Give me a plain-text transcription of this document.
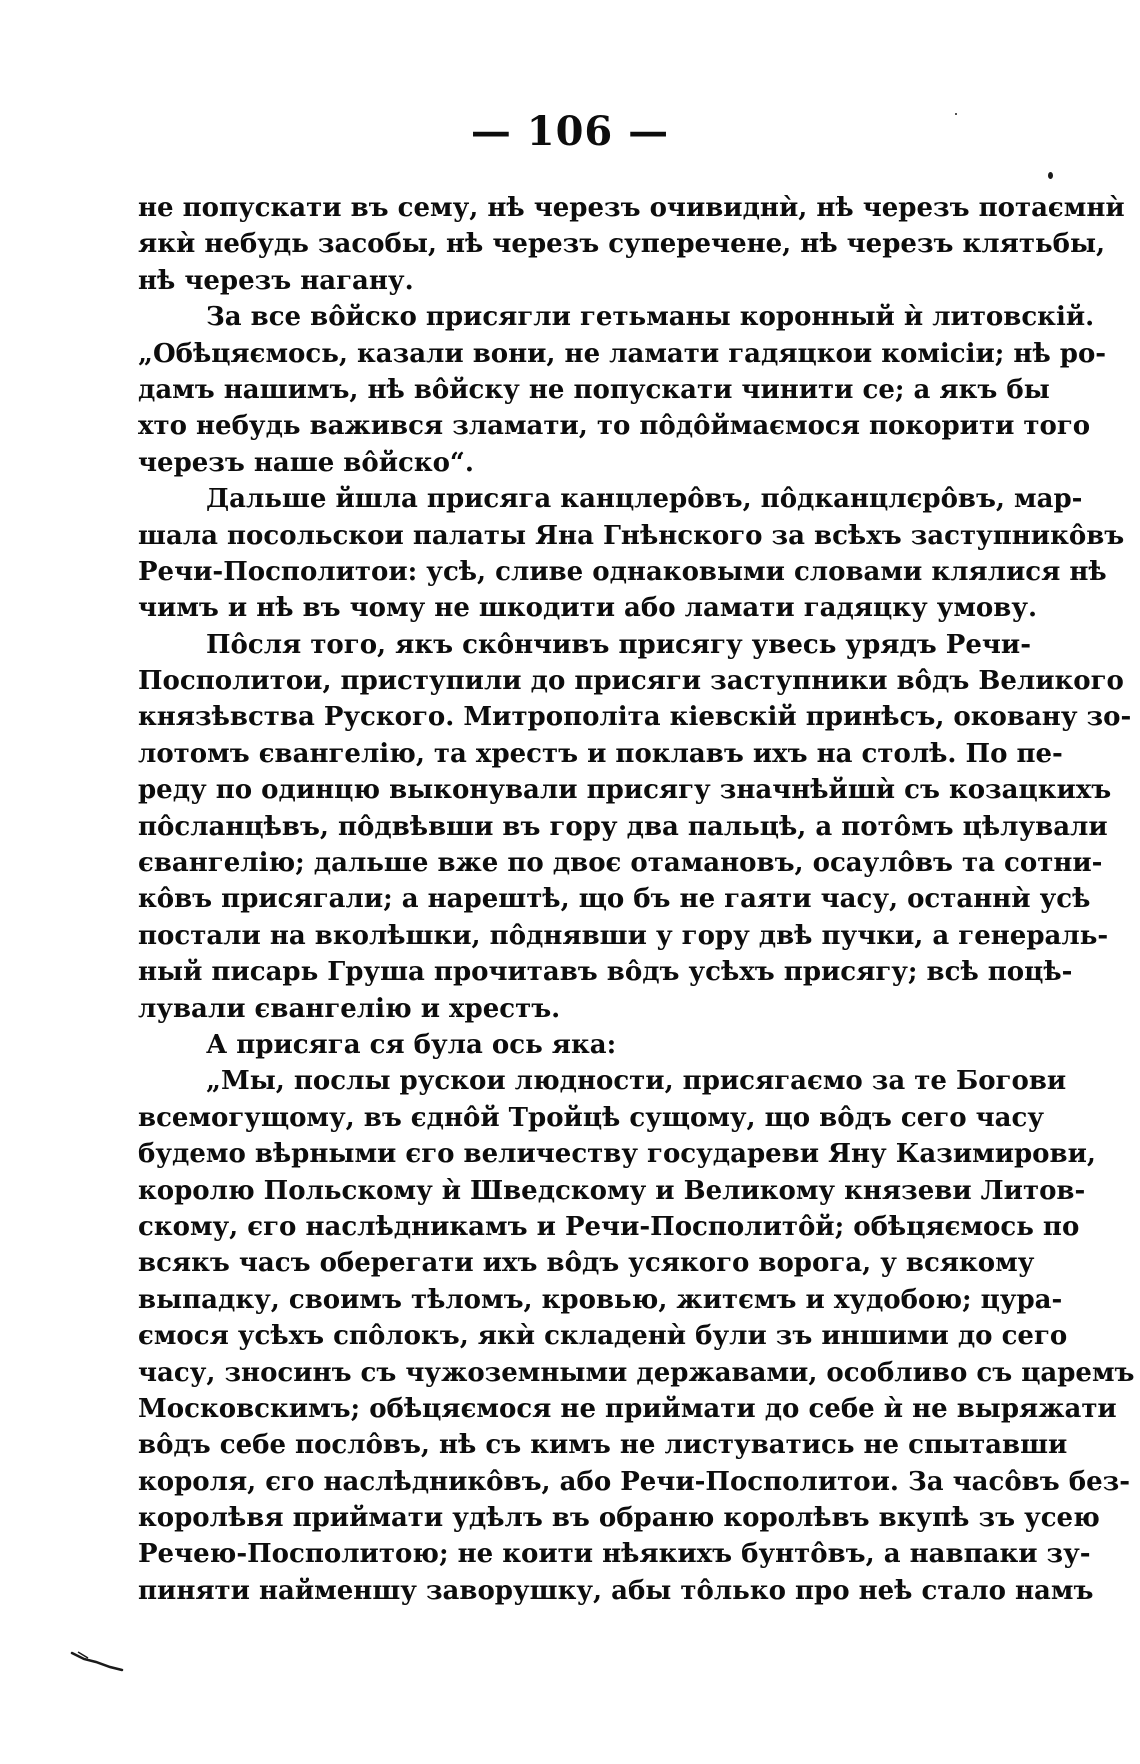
— 106 —
не попускати въ сему, нѣ черезъ очивиднѝ, нѣ черезъ потаємнѝ
якѝ небудь засобы, нѣ черезъ суперечене, нѣ черезъ клятьбы,
нѣ черезъ нагану.
За все вôйско присягли гетьманы коронный ѝ литовскій.
„Обѣцяємось, казали вони, не ламати гадяцкои комісіи; нѣ ро-
дамъ нашимъ, нѣ вôйску не попускати чинити се; а якъ бы
хто небудь важився зламати, то пôдôймаємося покорити того
черезъ наше вôйско“.
Дальше йшла присяга канцлерôвъ, пôдканцлєрôвъ, мар-
шала посольскои палаты Яна Гнѣнского за всѣхъ заступникôвъ
Речи-Посполитои: усѣ, сливе однаковыми словами клялися нѣ
чимъ и нѣ въ чому не шкодити або ламати гадяцку умову.
Пôсля того, якъ скôнчивъ присягу увесь урядъ Речи-
Посполитои, приступили до присяги заступники вôдъ Великого
князѣвства Руского. Митрополіта кіевскій принѣсъ, оковану зо-
лотомъ євангелію, та хрестъ и поклавъ ихъ на столѣ. По пе-
реду по одинцю выконували присягу значнѣйшѝ съ козацкихъ
пôсланцѣвъ, пôдвѣвши въ гору два пальцѣ, а потôмъ цѣлували
євангелію; дальше вже по двоє отамановъ, осаулôвъ та сотни-
кôвъ присягали; а нарештѣ, що бъ не гаяти часу, останнѝ усѣ
постали на вколѣшки, пôднявши у гору двѣ пучки, а генераль-
ный писарь Груша прочитавъ вôдъ усѣхъ присягу; всѣ поцѣ-
лували євангелію и хрестъ.
А присяга ся була ось яка:
„Мы, послы рускои людности, присягаємо за те Богови
всемогущому, въ єднôй Тройцѣ сущому, що вôдъ сего часу
будемо вѣрными єго величеству государеви Яну Казимирови,
королю Польскому ѝ Шведскому и Великому князеви Литов-
скому, єго наслѣдникамъ и Речи-Посполитôй; обѣцяємось по
всякъ часъ оберегати ихъ вôдъ усякого ворога, у всякому
выпадку, своимъ тѣломъ, кровью, житємъ и худобою; цура-
ємося усѣхъ спôлокъ, якѝ складенѝ були зъ иншими до сего
часу, зносинъ съ чужоземными державами, особливо съ царемъ
Московскимъ; обѣцяємося не приймати до себе ѝ не выряжати
вôдъ себе послôвъ, нѣ съ кимъ не листуватись не спытавши
короля, єго наслѣдникôвъ, або Речи-Посполитои. За часôвъ без-
королѣвя приймати удѣлъ въ обраню королѣвъ вкупѣ зъ усею
Речею-Посполитою; не коити нѣякихъ бунтôвъ, а навпаки зу-
пиняти найменшу заворушку, абы тôлько про неѣ стало намъ
